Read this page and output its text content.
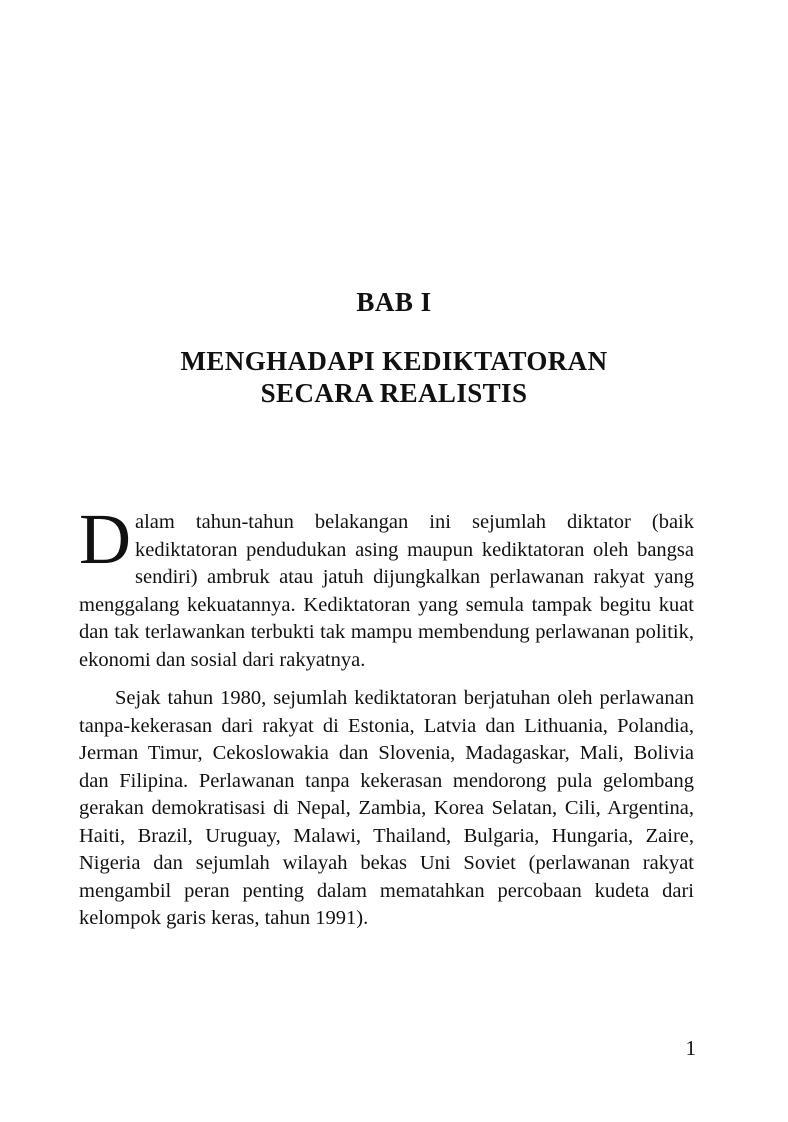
BAB I
MENGHADAPI KEDIKTATORAN
SECARA REALISTIS

Dalam tahun-tahun belakangan ini sejumlah diktator (baik kediktatoran pendudukan asing maupun kediktatoran oleh bangsa sendiri) ambruk atau jatuh dijungkalkan perlawanan rakyat yang menggalang kekuatannya. Kediktatoran yang semula tampak begitu kuat dan tak terlawankan terbukti tak mampu membendung perlawanan politik, ekonomi dan sosial dari rakyatnya.

Sejak tahun 1980, sejumlah kediktatoran berjatuhan oleh perlawanan tanpa-kekerasan dari rakyat di Estonia, Latvia dan Lithuania, Polandia, Jerman Timur, Cekoslowakia dan Slovenia, Madagaskar, Mali, Bolivia dan Filipina. Perlawanan tanpa kekerasan mendorong pula gelombang gerakan demokratisasi di Nepal, Zambia, Korea Selatan, Cili, Argentina, Haiti, Brazil, Uruguay, Malawi, Thailand, Bulgaria, Hungaria, Zaire, Nigeria dan sejumlah wilayah bekas Uni Soviet (perlawanan rakyat mengambil peran penting dalam mematahkan percobaan kudeta dari kelompok garis keras, tahun 1991).

1
